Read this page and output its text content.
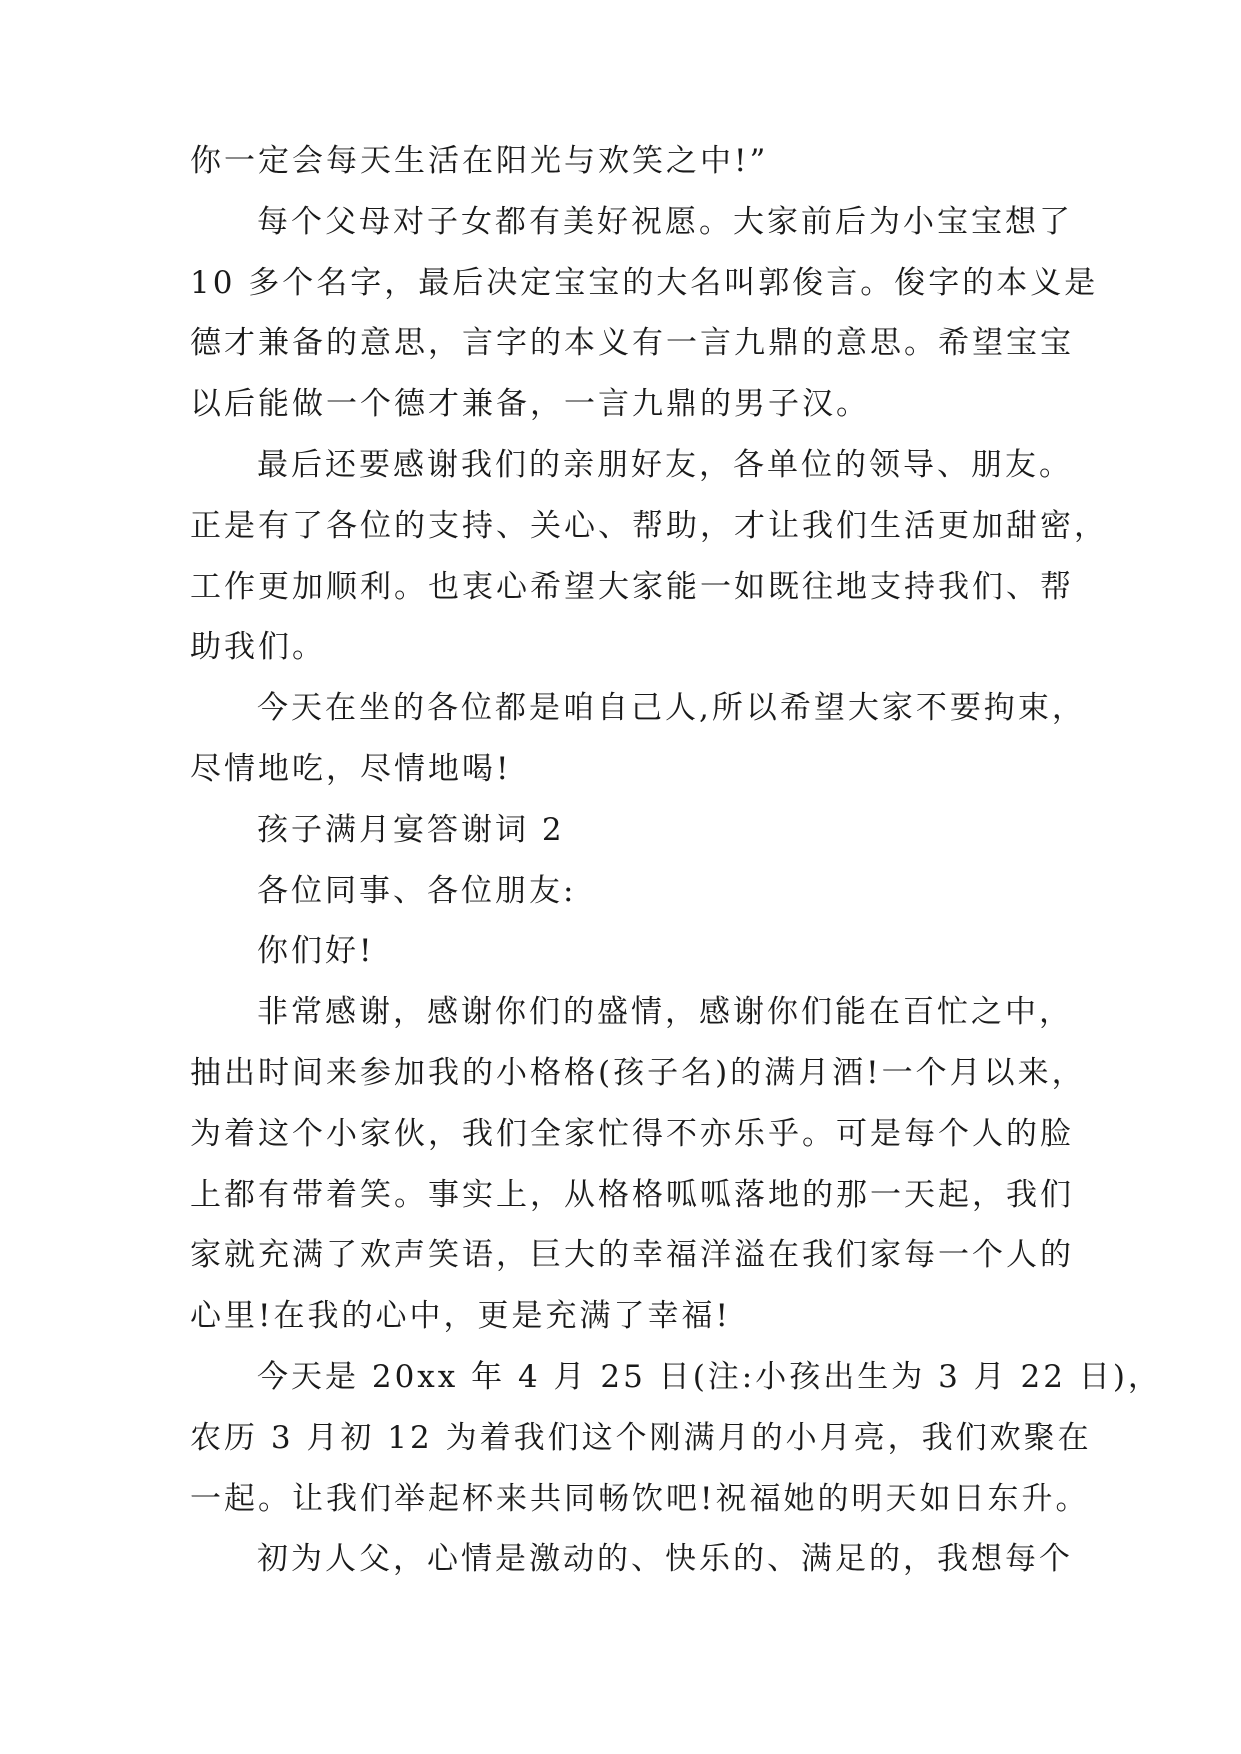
你一定会每天生活在阳光与欢笑之中!”
每个父母对子女都有美好祝愿。大家前后为小宝宝想了
10 多个名字，最后决定宝宝的大名叫郭俊言。俊字的本义是
德才兼备的意思，言字的本义有一言九鼎的意思。希望宝宝
以后能做一个德才兼备，一言九鼎的男子汉。
最后还要感谢我们的亲朋好友，各单位的领导、朋友。
正是有了各位的支持、关心、帮助，才让我们生活更加甜密，
工作更加顺利。也衷心希望大家能一如既往地支持我们、帮
助我们。
今天在坐的各位都是咱自己人,所以希望大家不要拘束，
尽情地吃，尽情地喝!
孩子满月宴答谢词 2
各位同事、各位朋友:
你们好!
非常感谢，感谢你们的盛情，感谢你们能在百忙之中，
抽出时间来参加我的小格格(孩子名)的满月酒!一个月以来，
为着这个小家伙，我们全家忙得不亦乐乎。可是每个人的脸
上都有带着笑。事实上，从格格呱呱落地的那一天起，我们
家就充满了欢声笑语，巨大的幸福洋溢在我们家每一个人的
心里!在我的心中，更是充满了幸福!
今天是 20xx 年 4 月 25 日(注:小孩出生为 3 月 22 日)，
农历 3 月初 12 为着我们这个刚满月的小月亮，我们欢聚在
一起。让我们举起杯来共同畅饮吧!祝福她的明天如日东升。
初为人父，心情是激动的、快乐的、满足的，我想每个
